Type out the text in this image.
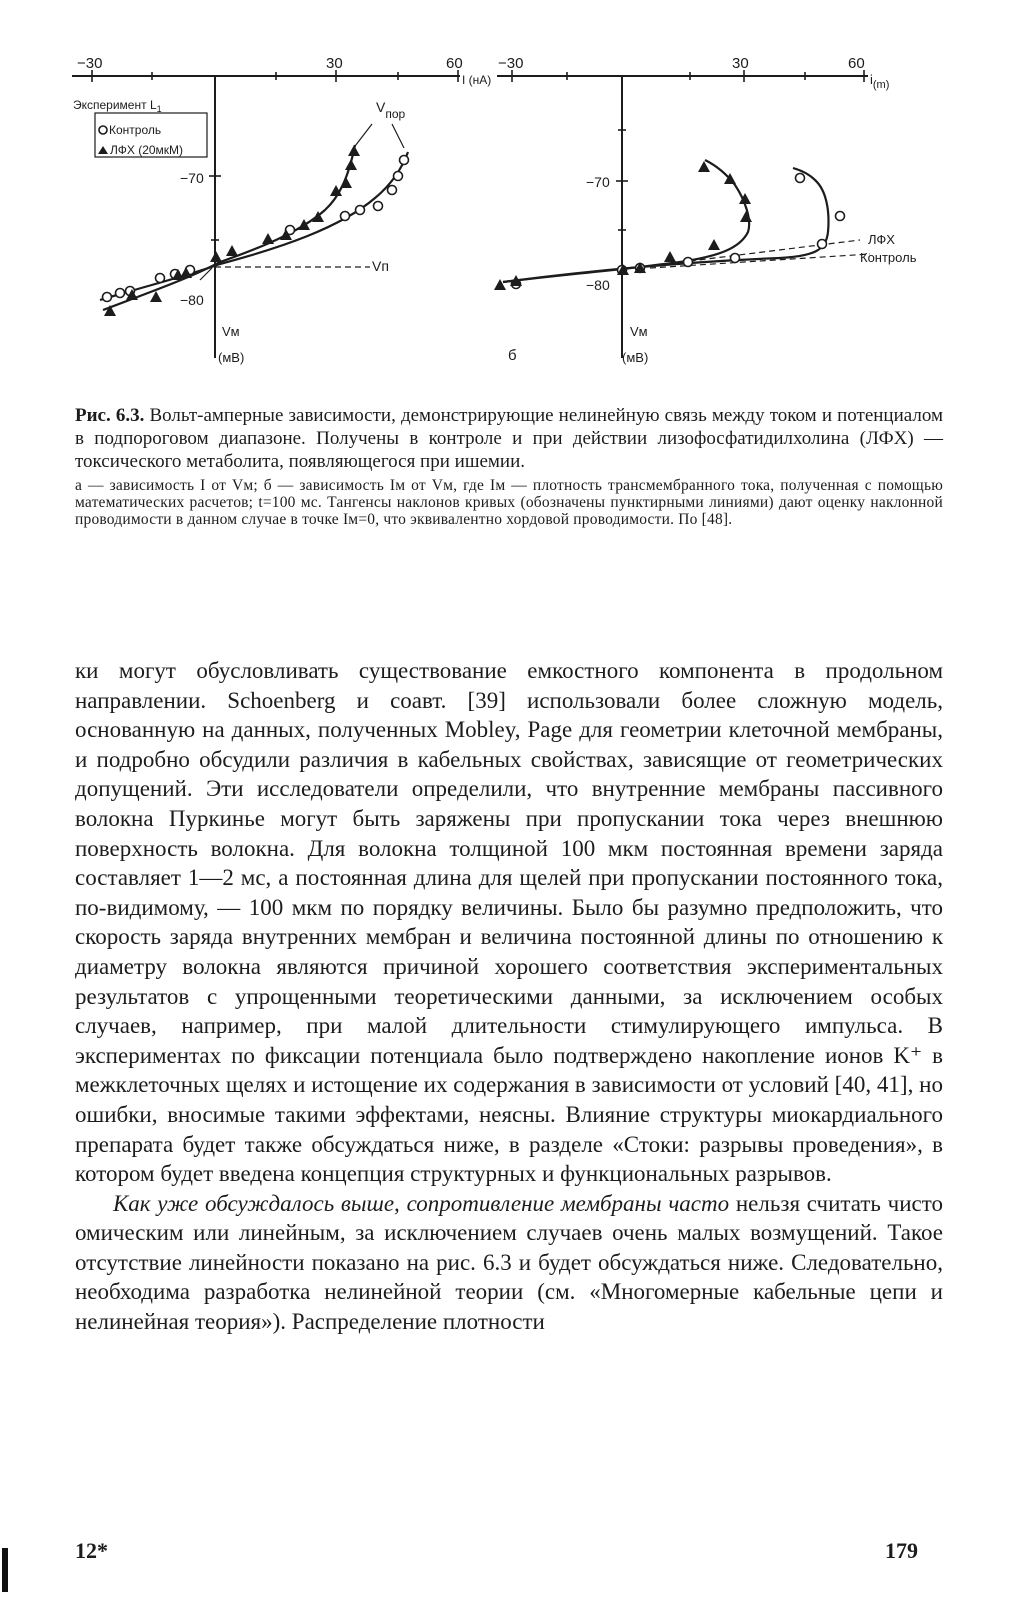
−30	30	60
I (нА)
−70
−80
Vм
(мВ)
Эксперимент $L_1$
Контроль
ЛФХ (20мкМ)
Vп
Vпор
−30	30	60
$i_{(m)}$
−70
−80
Vм
(мВ)
б
ЛФХ
Контроль

Рис. 6.3. Вольт-амперные зависимости, демонстрирующие нелинейную связь между током и потенциалом в подпороговом диапазоне. Получены в контроле и при действии лизофосфатидилхолина (ЛФХ) — токсического метаболита, появляющегося при ишемии.

а — зависимость I от Vм; б — зависимость Iм от Vм, где Iм — плотность трансмембранного тока, полученная с помощью математических расчетов; t=100 мс. Тангенсы наклонов кривых (обозначены пунктирными линиями) дают оценку наклонной проводимости в данном случае в точке Iм=0, что эквивалентно хордовой проводимости. По [48].

ки могут обусловливать существование емкостного компонента в продольном направлении. Schoenberg и соавт. [39] использовали более сложную модель, основанную на данных, полученных Mobley, Page для геометрии клеточной мембраны, и подробно обсудили различия в кабельных свойствах, зависящие от геометрических допущений. Эти исследователи определили, что внутренние мембраны пассивного волокна Пуркинье могут быть заряжены при пропускании тока через внешнюю поверхность волокна. Для волокна толщиной 100 мкм постоянная времени заряда составляет 1—2 мс, а постоянная длина для щелей при пропускании постоянного тока, по-видимому, — 100 мкм по порядку величины. Было бы разумно предположить, что скорость заряда внутренних мембран и величина постоянной длины по отношению к диаметру волокна являются причиной хорошего соответствия экспериментальных результатов с упрощенными теоретическими данными, за исключением особых случаев, например, при малой длительности стимулирующего импульса. В экспериментах по фиксации потенциала было подтверждено накопление ионов K⁺ в межклеточных щелях и истощение их содержания в зависимости от условий [40, 41], но ошибки, вносимые такими эффектами, неясны. Влияние структуры миокардиального препарата будет также обсуждаться ниже, в разделе «Стоки: разрывы проведения», в котором будет введена концепция структурных и функциональных разрывов.

Как уже обсуждалось выше, сопротивление мембраны часто нельзя считать чисто омическим или линейным, за исключением случаев очень малых возмущений. Такое отсутствие линейности показано на рис. 6.3 и будет обсуждаться ниже. Следовательно, необходима разработка нелинейной теории (см. «Многомерные кабельные цепи и нелинейная теория»). Распределение плотности

12*	179
